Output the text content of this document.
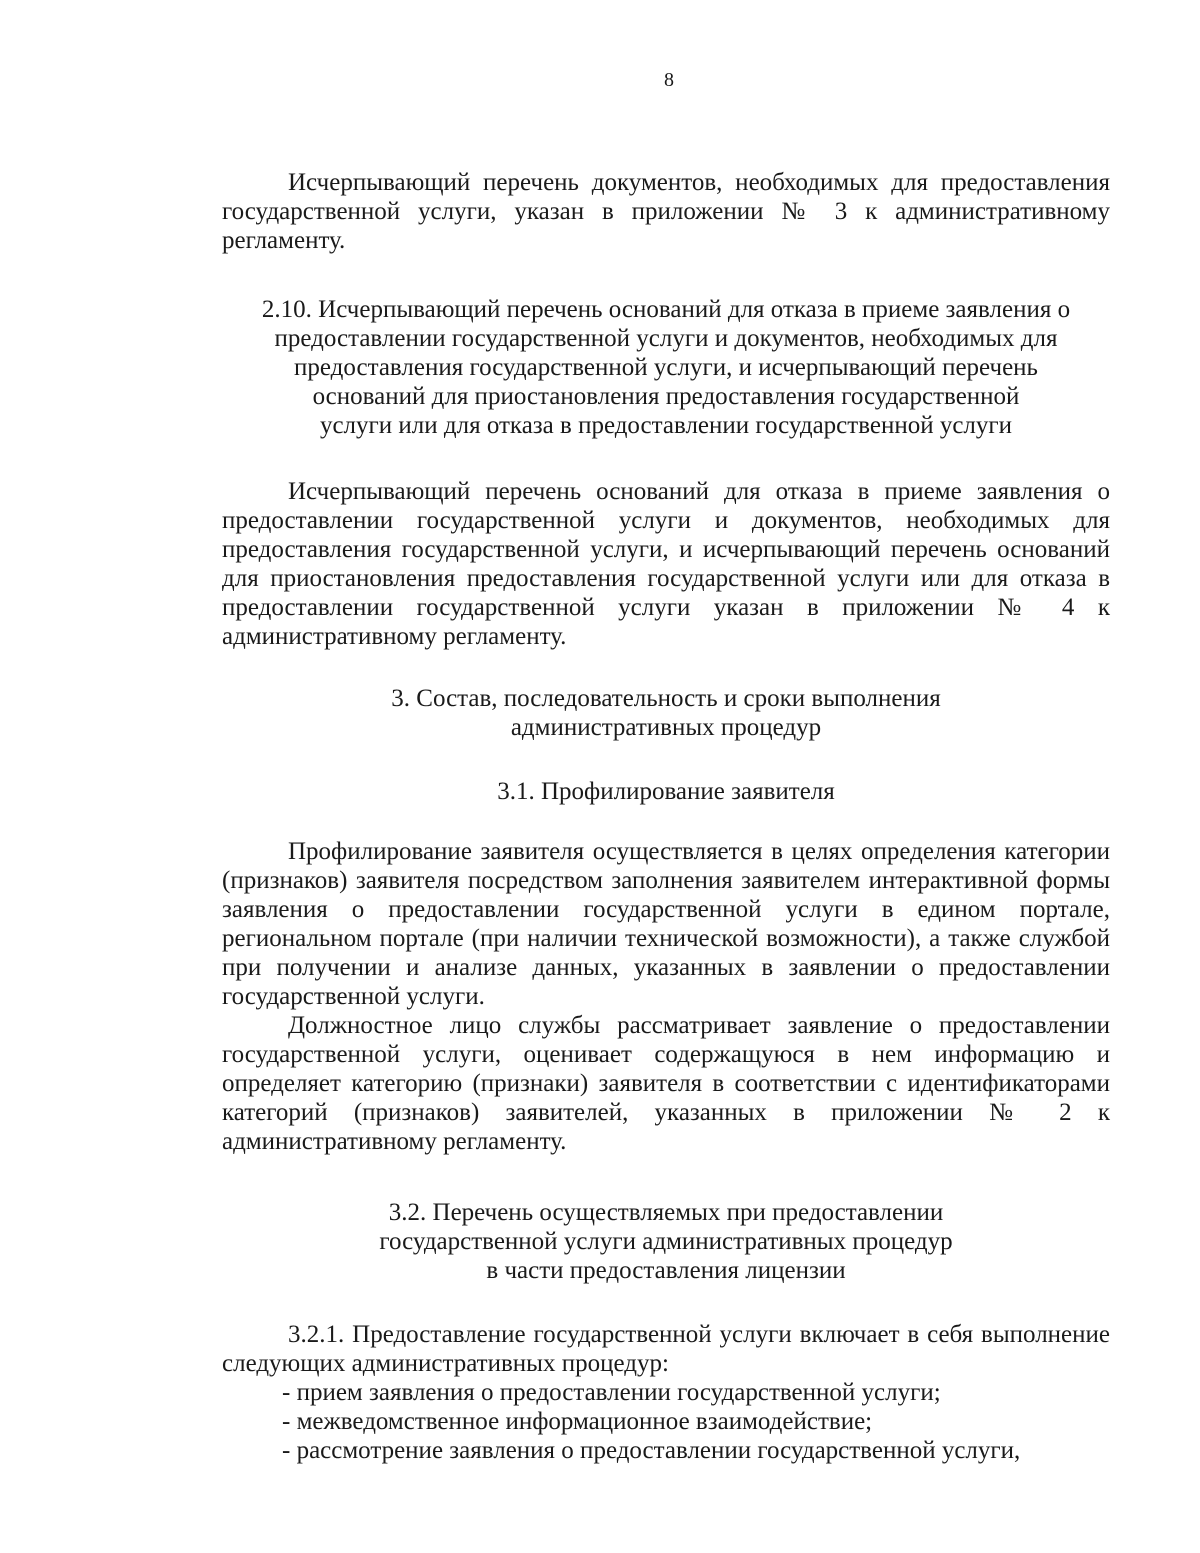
8

Исчерпывающий перечень документов, необходимых для предоставления государственной услуги, указан в приложении № 3 к административному регламенту.

2.10. Исчерпывающий перечень оснований для отказа в приеме заявления о
предоставлении государственной услуги и документов, необходимых для
предоставления государственной услуги, и исчерпывающий перечень
оснований для приостановления предоставления государственной
услуги или для отказа в предоставлении государственной услуги

Исчерпывающий перечень оснований для отказа в приеме заявления о предоставлении государственной услуги и документов, необходимых для предоставления государственной услуги, и исчерпывающий перечень оснований для приостановления предоставления государственной услуги или для отказа в предоставлении государственной услуги указан в приложении № 4 к административному регламенту.

3. Состав, последовательность и сроки выполнения
административных процедур

3.1. Профилирование заявителя

Профилирование заявителя осуществляется в целях определения категории (признаков) заявителя посредством заполнения заявителем интерактивной формы заявления о предоставлении государственной услуги в едином портале, региональном портале (при наличии технической возможности), а также службой при получении и анализе данных, указанных в заявлении о предоставлении государственной услуги.

Должностное лицо службы рассматривает заявление о предоставлении государственной услуги, оценивает содержащуюся в нем информацию и определяет категорию (признаки) заявителя в соответствии с идентификаторами категорий (признаков) заявителей, указанных в приложении № 2 к административному регламенту.

3.2. Перечень осуществляемых при предоставлении
государственной услуги административных процедур
в части предоставления лицензии

3.2.1. Предоставление государственной услуги включает в себя выполнение следующих административных процедур:

- прием заявления о предоставлении государственной услуги;
- межведомственное информационное взаимодействие;
- рассмотрение заявления о предоставлении государственной услуги,
